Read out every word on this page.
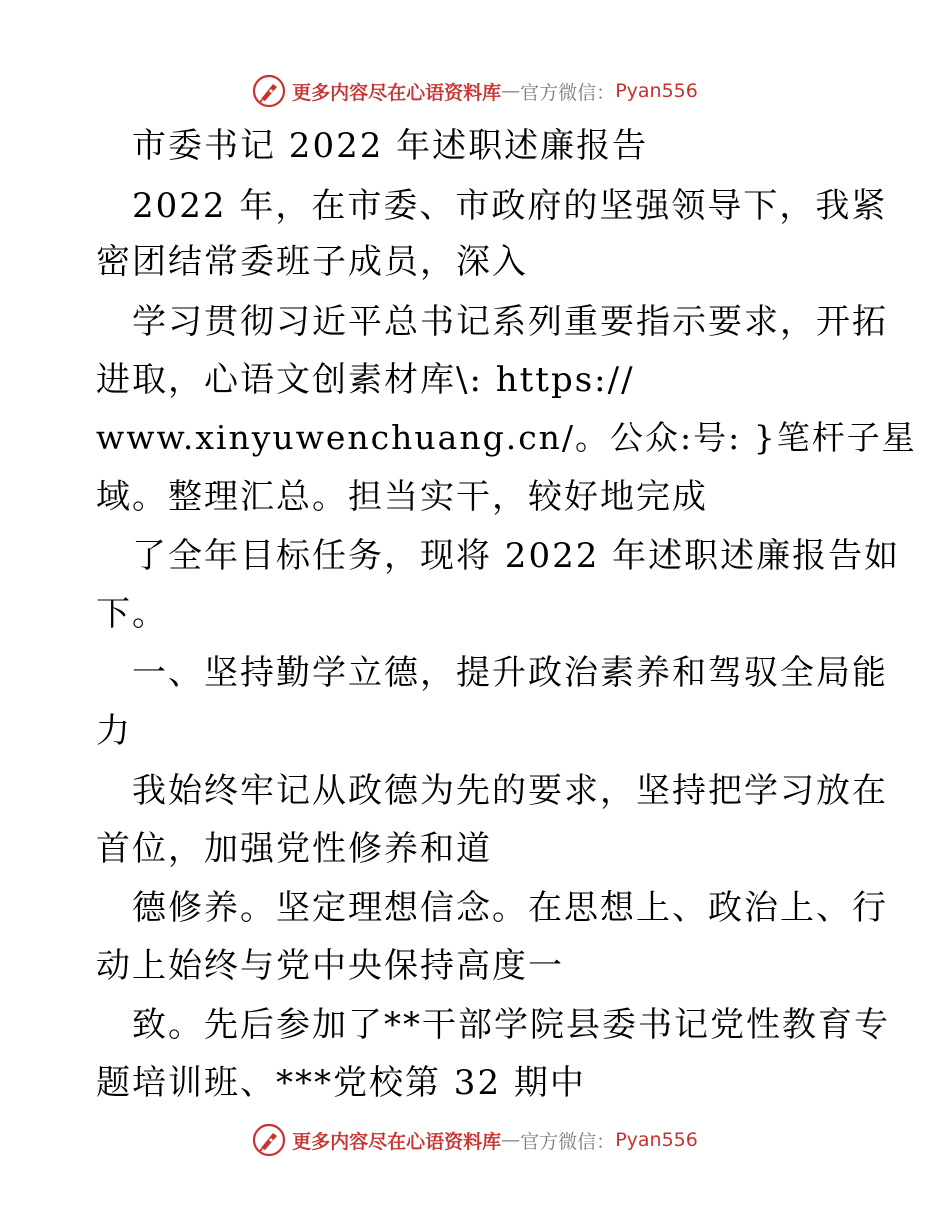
更多内容尽在心语资料库 — 官方微信： Pyan556
　市委书记 2022 年述职述廉报告
　2022 年，在市委、市政府的坚强领导下，我紧
密团结常委班子成员，深入
　学习贯彻习近平总书记系列重要指示要求，开拓
进取，心语文创素材库\: https://
www.xinyuwenchuang.cn/。公众:号: }笔杆子星
域。整理汇总。担当实干，较好地完成
　了全年目标任务，现将 2022 年述职述廉报告如
下。
　一、坚持勤学立德，提升政治素养和驾驭全局能
力
　我始终牢记从政德为先的要求，坚持把学习放在
首位，加强党性修养和道
　德修养。坚定理想信念。在思想上、政治上、行
动上始终与党中央保持高度一
　致。先后参加了**干部学院县委书记党性教育专
题培训班、***党校第 32 期中
更多内容尽在心语资料库 — 官方微信： Pyan556
